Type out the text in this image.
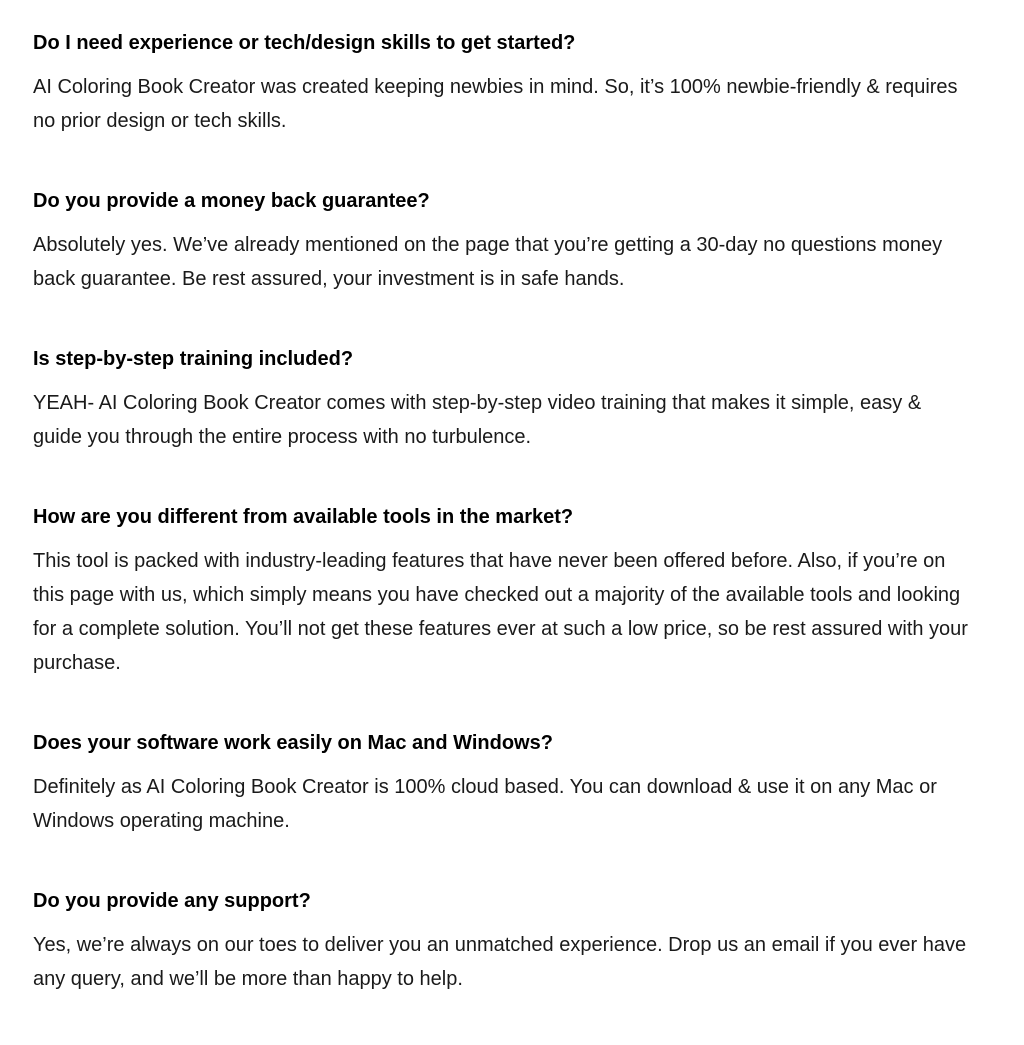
Do I need experience or tech/design skills to get started?

AI Coloring Book Creator was created keeping newbies in mind. So, it’s 100% newbie-friendly & requires no prior design or tech skills.

Do you provide a money back guarantee?

Absolutely yes. We’ve already mentioned on the page that you’re getting a 30-day no questions money back guarantee. Be rest assured, your investment is in safe hands.

Is step-by-step training included?

YEAH- AI Coloring Book Creator comes with step-by-step video training that makes it simple, easy & guide you through the entire process with no turbulence.

How are you different from available tools in the market?

This tool is packed with industry-leading features that have never been offered before. Also, if you’re on this page with us, which simply means you have checked out a majority of the available tools and looking for a complete solution. You’ll not get these features ever at such a low price, so be rest assured with your purchase.

Does your software work easily on Mac and Windows?

Definitely as AI Coloring Book Creator is 100% cloud based. You can download & use it on any Mac or Windows operating machine.

Do you provide any support?

Yes, we’re always on our toes to deliver you an unmatched experience. Drop us an email if you ever have any query, and we’ll be more than happy to help.
